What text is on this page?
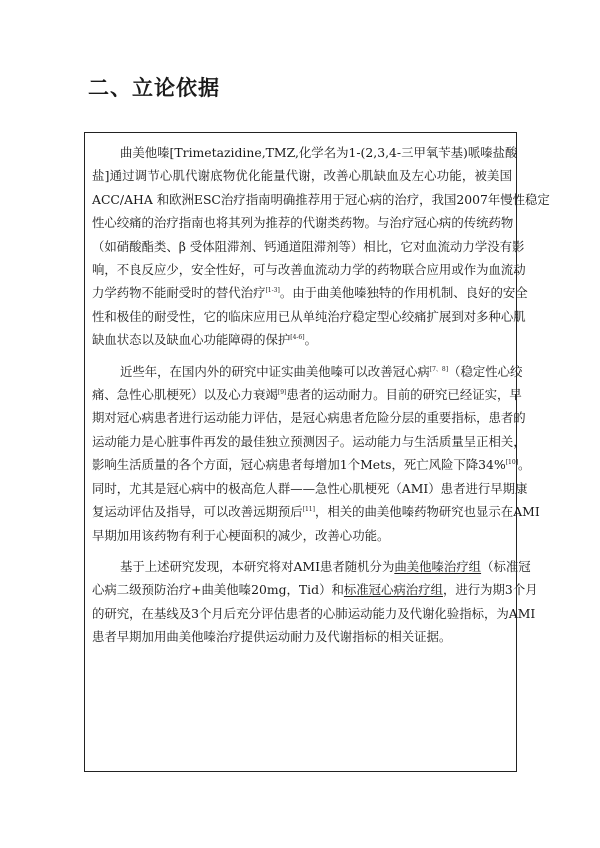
二、立论依据
曲美他嗪[Trimetazidine,TMZ,化学名为1-(2,3,4-三甲氧苄基)哌嗪盐酸
盐]通过调节心肌代谢底物优化能量代谢，改善心肌缺血及左心功能，被美国
ACC/AHA 和欧洲ESC治疗指南明确推荐用于冠心病的治疗，我国2007年慢性稳定
性心绞痛的治疗指南也将其列为推荐的代谢类药物。与治疗冠心病的传统药物
（如硝酸酯类、β 受体阻滞剂、钙通道阻滞剂等）相比，它对血流动力学没有影
响，不良反应少，安全性好，可与改善血流动力学的药物联合应用或作为血流动
力学药物不能耐受时的替代治疗[1-3]。由于曲美他嗪独特的作用机制、良好的安全
性和极佳的耐受性，它的临床应用已从单纯治疗稳定型心绞痛扩展到对多种心肌
缺血状态以及缺血心功能障碍的保护[4-6]。
近些年，在国内外的研究中证实曲美他嗪可以改善冠心病[7、8]（稳定性心绞
痛、急性心肌梗死）以及心力衰竭[9]患者的运动耐力。目前的研究已经证实，早
期对冠心病患者进行运动能力评估，是冠心病患者危险分层的重要指标，患者的
运动能力是心脏事件再发的最佳独立预测因子。运动能力与生活质量呈正相关，
影响生活质量的各个方面，冠心病患者每增加1个Mets，死亡风险下降34%[10]。
同时，尤其是冠心病中的极高危人群——急性心肌梗死（AMI）患者进行早期康
复运动评估及指导，可以改善远期预后[11]，相关的曲美他嗪药物研究也显示在AMI
早期加用该药物有利于心梗面积的减少，改善心功能。
基于上述研究发现，本研究将对AMI患者随机分为曲美他嗪治疗组（标准冠
心病二级预防治疗+曲美他嗪20mg，Tid）和标准冠心病治疗组，进行为期3个月
的研究，在基线及3个月后充分评估患者的心肺运动能力及代谢化验指标，为AMI
患者早期加用曲美他嗪治疗提供运动耐力及代谢指标的相关证据。
